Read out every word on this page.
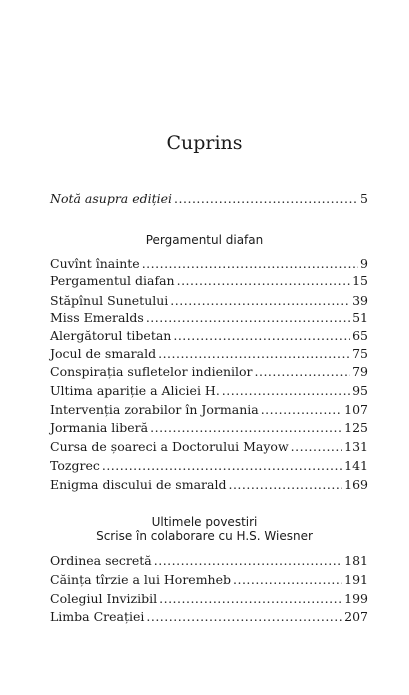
Cuprins
Notă asupra ediției .....	5
Pergamentul diafan
Cuvînt înainte .....	9
Pergamentul diafan .....	15
Stăpînul Sunetului .....	39
Miss Emeralds .....	51
Alergătorul tibetan .....	65
Jocul de smarald .....	75
Conspirația sufletelor indienilor .....	79
Ultima apariție a Aliciei H. .....	95
Intervenția zorabilor în Jormania .....	107
Jormania liberă .....	125
Cursa de șoareci a Doctorului Mayow .....	131
Tozgrec .....	141
Enigma discului de smarald .....	169
Ultimele povestiri
Scrise în colaborare cu H.S. Wiesner
Ordinea secretă .....	181
Căința tîrzie a lui Horemheb .....	191
Colegiul Invizibil .....	199
Limba Creației .....	207
